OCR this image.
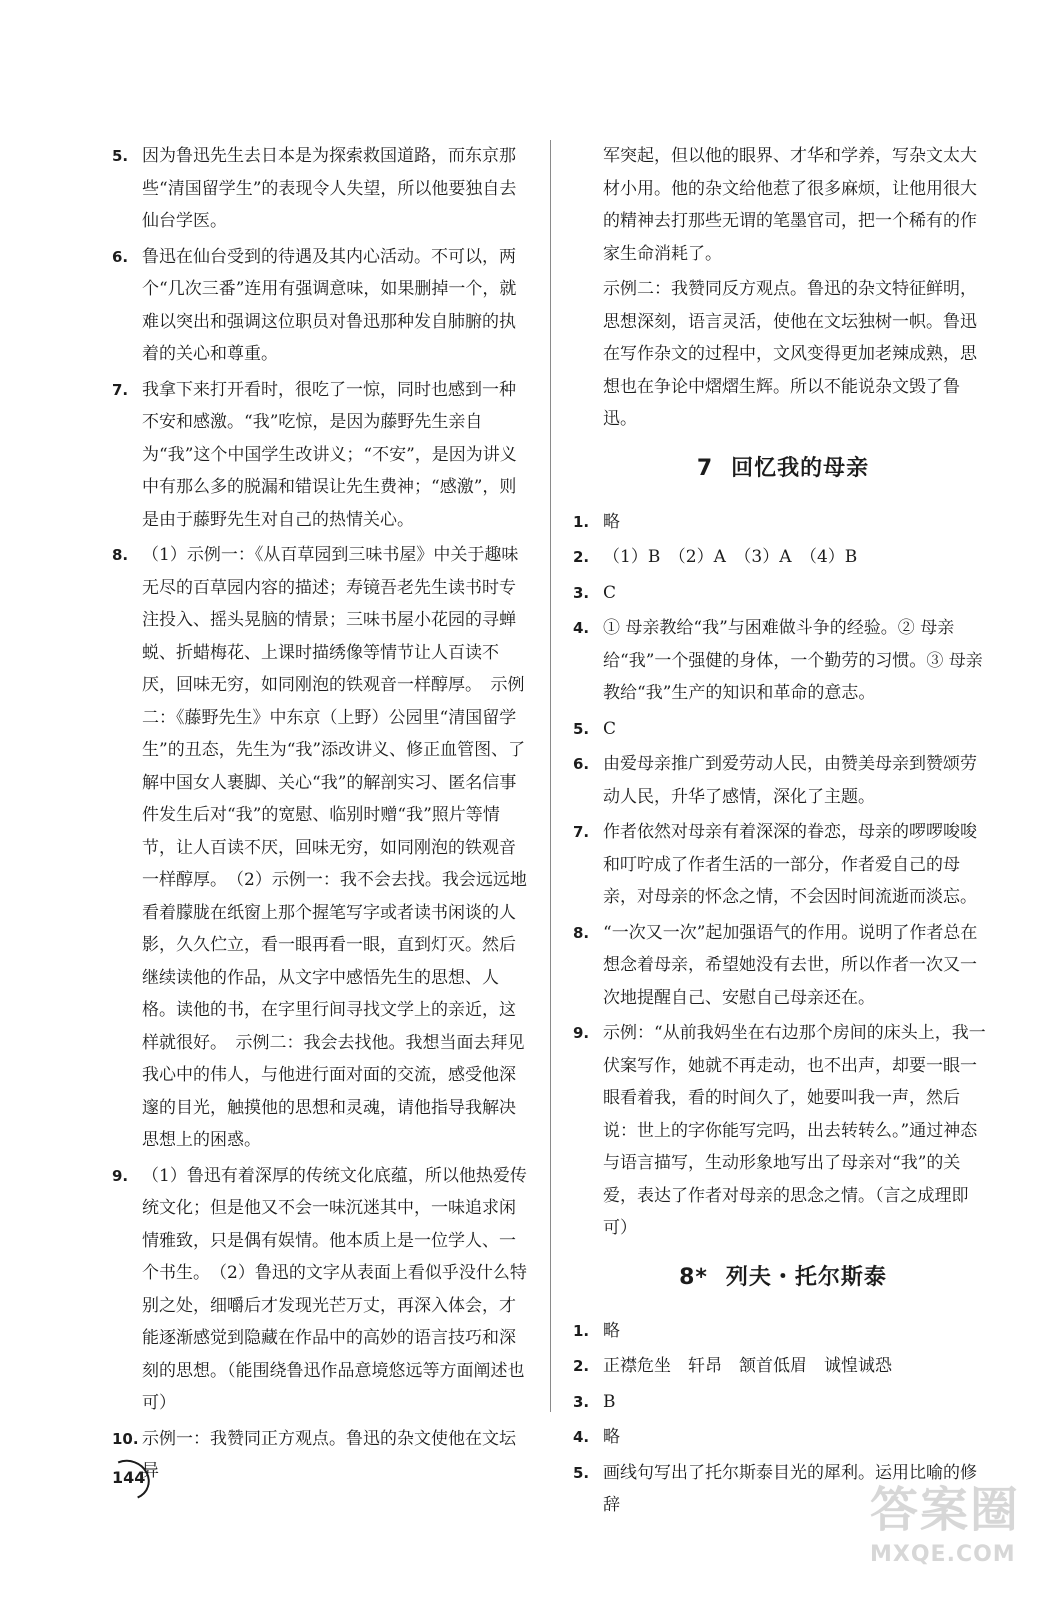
5. 因为鲁迅先生去日本是为探索救国道路，而东京那些“清国留学生”的表现令人失望，所以他要独自去仙台学医。
6. 鲁迅在仙台受到的待遇及其内心活动。不可以，两个“几次三番”连用有强调意味，如果删掉一个，就难以突出和强调这位职员对鲁迅那种发自肺腑的执着的关心和尊重。
7. 我拿下来打开看时，很吃了一惊，同时也感到一种不安和感激。“我”吃惊，是因为藤野先生亲自为“我”这个中国学生改讲义；“不安”，是因为讲义中有那么多的脱漏和错误让先生费神；“感激”，则是由于藤野先生对自己的热情关心。
8. （1）示例一：《从百草园到三味书屋》中关于趣味无尽的百草园内容的描述；寿镜吾老先生读书时专注投入、摇头晃脑的情景；三味书屋小花园的寻蝉蜕、折蜡梅花、上课时描绣像等情节让人百读不厌，回味无穷，如同刚泡的铁观音一样醇厚。　示例二：《藤野先生》中东京（上野）公园里“清国留学生”的丑态，先生为“我”添改讲义、修正血管图、了解中国女人裹脚、关心“我”的解剖实习、匿名信事件发生后对“我”的宽慰、临别时赠“我”照片等情节，让人百读不厌，回味无穷，如同刚泡的铁观音一样醇厚。　（2）示例一：我不会去找。我会远远地看着朦胧在纸窗上那个握笔写字或者读书闲谈的人影，久久伫立，看一眼再看一眼，直到灯灭。然后继续读他的作品，从文字中感悟先生的思想、人格。读他的书，在字里行间寻找文学上的亲近，这样就很好。　示例二：我会去找他。我想当面去拜见我心中的伟人，与他进行面对面的交流，感受他深邃的目光，触摸他的思想和灵魂，请他指导我解决思想上的困惑。
9. （1）鲁迅有着深厚的传统文化底蕴，所以他热爱传统文化；但是他又不会一味沉迷其中，一味追求闲情雅致，只是偶有娱情。他本质上是一位学人、一个书生。　（2）鲁迅的文字从表面上看似乎没什么特别之处，细嚼后才发现光芒万丈，再深入体会，才能逐渐感觉到隐藏在作品中的高妙的语言技巧和深刻的思想。（能围绕鲁迅作品意境悠远等方面阐述也可）
10. 示例一：我赞同正方观点。鲁迅的杂文使他在文坛异
军突起，但以他的眼界、才华和学养，写杂文太大材小用。他的杂文给他惹了很多麻烦，让他用很大的精神去打那些无谓的笔墨官司，把一个稀有的作家生命消耗了。
示例二：我赞同反方观点。鲁迅的杂文特征鲜明，思想深刻，语言灵活，使他在文坛独树一帜。鲁迅在写作杂文的过程中，文风变得更加老辣成熟，思想也在争论中熠熠生辉。所以不能说杂文毁了鲁迅。
7 回忆我的母亲
1. 略
2. （1）B　（2）A　（3）A　（4）B
3. C
4. ① 母亲教给“我”与困难做斗争的经验。② 母亲给“我”一个强健的身体，一个勤劳的习惯。③ 母亲教给“我”生产的知识和革命的意志。
5. C
6. 由爱母亲推广到爱劳动人民，由赞美母亲到赞颂劳动人民，升华了感情，深化了主题。
7. 作者依然对母亲有着深深的眷恋，母亲的啰啰唆唆和叮咛成了作者生活的一部分，作者爱自己的母亲，对母亲的怀念之情，不会因时间流逝而淡忘。
8. “一次又一次”起加强语气的作用。说明了作者总在想念着母亲，希望她没有去世，所以作者一次又一次地提醒自己、安慰自己母亲还在。
9. 示例：“从前我妈坐在右边那个房间的床头上，我一伏案写作，她就不再走动，也不出声，却要一眼一眼看着我，看的时间久了，她要叫我一声，然后说：世上的字你能写完吗，出去转转么。”通过神态与语言描写，生动形象地写出了母亲对“我”的关爱，表达了作者对母亲的思念之情。（言之成理即可）
8* 列夫・托尔斯泰
1. 略
2. 正襟危坐　轩昂　颔首低眉　诚惶诚恐
3. B
4. 略
5. 画线句写出了托尔斯泰目光的犀利。运用比喻的修辞
144
答案圈
MXQE.COM
